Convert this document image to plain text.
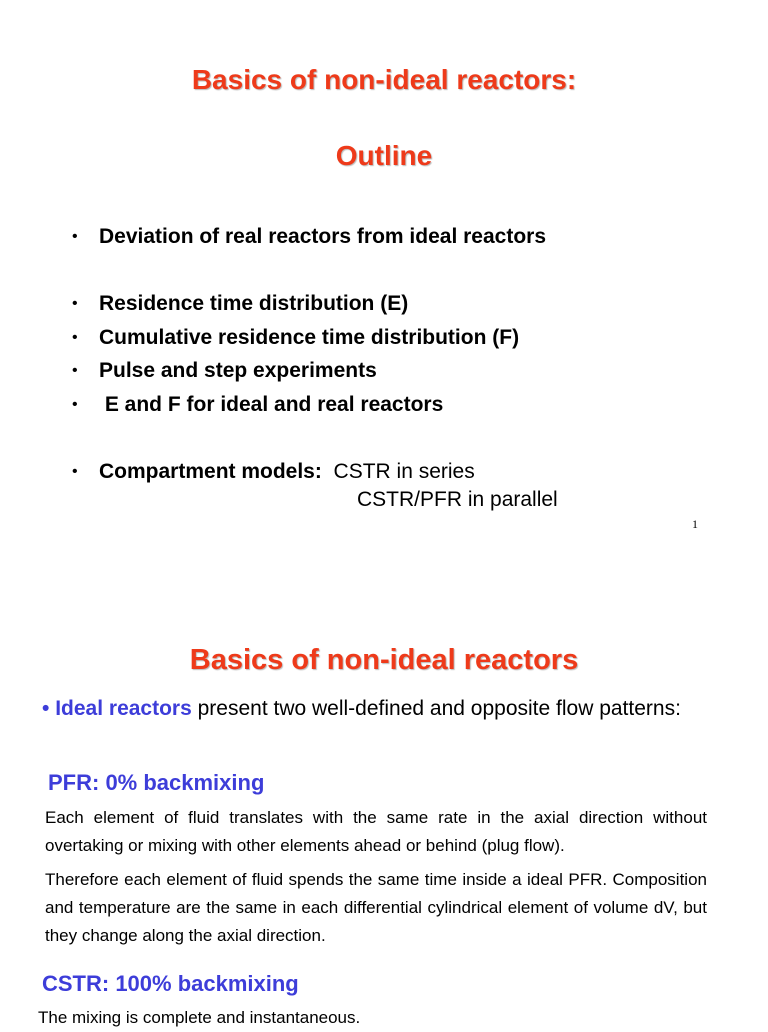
Basics of non-ideal reactors:
Outline
• Deviation of real reactors from ideal reactors
• Residence time distribution (E)
• Cumulative residence time distribution (F)
• Pulse and step experiments
• E and F for ideal and real reactors
• Compartment models: CSTR in series
CSTR/PFR in parallel
1
Basics of non-ideal reactors
• Ideal reactors present two well-defined and opposite flow patterns:
PFR: 0% backmixing
Each element of fluid translates with the same rate in the axial direction without overtaking or mixing with other elements ahead or behind (plug flow).
Therefore each element of fluid spends the same time inside a ideal PFR. Composition and temperature are the same in each differential cylindrical element of volume dV, but they change along the axial direction.
CSTR: 100% backmixing
The mixing is complete and instantaneous.
